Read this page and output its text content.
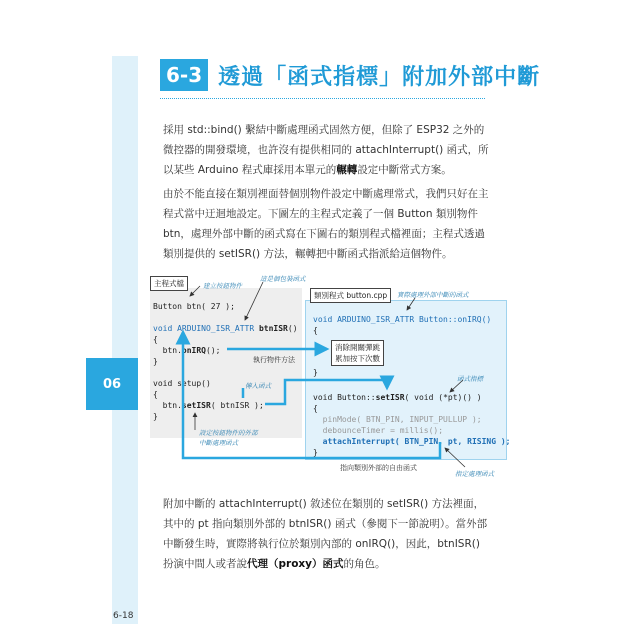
06
6-3 透過「函式指標」附加外部中斷
採用 std::bind() 繫結中斷處理函式固然方便，但除了 ESP32 之外的微控器的開發環境，也許沒有提供相同的 attachInterrupt() 函式，所以某些 Arduino 程式庫採用本單元的輾轉設定中斷常式方案。
由於不能直接在類別裡面替個別物件設定中斷處理常式，我們只好在主程式當中迂迴地設定。下圖左的主程式定義了一個 Button 類別物件 btn，處理外部中斷的函式寫在下圖右的類別程式檔裡面；主程式透過類別提供的 setISR() 方法，輾轉把中斷函式指派給這個物件。
主程式檔
類別程式 button.cpp
Button btn( 27 );
void ARDUINO_ISR_ATTR btnISR()
{
btn.onIRQ();
}
void setup()
{
btn.setISR( btnISR );
}
void ARDUINO_ISR_ATTR Button::onIRQ()
{
}
void Button::setISR( void (*pt)() )
{
pinMode( BTN_PIN, INPUT_PULLUP );
debounceTimer = millis();
attachInterrupt( BTN_PIN, pt, RISING );
}
消除開關彈跳
累加按下次數
建立按鈕物件
這是個包裝函式
實際處理外部中斷的函式
執行物件方法
傳入函式
函式指標
設定按鈕物件的外部中斷處理函式
指向類別外部的自由函式
指定處理函式
附加中斷的 attachInterrupt() 敘述位在類別的 setISR() 方法裡面，其中的 pt 指向類別外部的 btnISR() 函式（參閱下一節說明）。當外部中斷發生時，實際將執行位於類別內部的 onIRQ()，因此，btnISR() 扮演中間人或者說代理（proxy）函式的角色。
6-18
